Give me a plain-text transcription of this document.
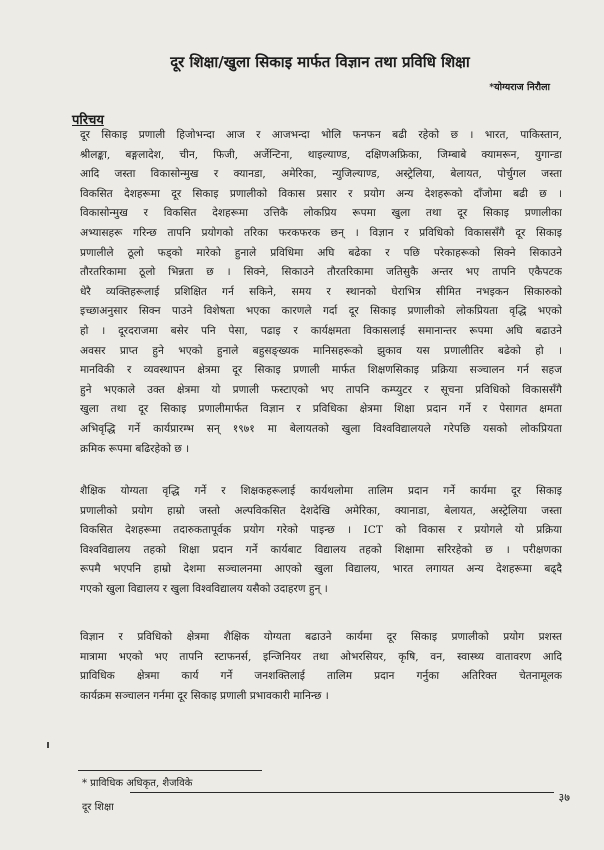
दूर शिक्षा/खुला सिकाइ मार्फत विज्ञान तथा प्रविधि शिक्षा
*योग्यराज निरौला
परिचय
दूर सिकाइ प्रणाली हिजोभन्दा आज र आजभन्दा भोलि फनफन बढी रहेको छ । भारत, पाकिस्तान,
श्रीलङ्का, बङ्गलादेश, चीन, फिजी, अर्जेन्टिना, थाइल्याण्ड, दक्षिणअफ्रिका, जिम्बाबे क्यामरून, युगान्डा
आदि जस्ता विकासोन्मुख र क्यानडा, अमेरिका, न्युजिल्याण्ड, अस्ट्रेलिया, बेलायत, पोर्चुगल जस्ता
विकसित देशहरूमा दूर सिकाइ प्रणालीको विकास प्रसार र प्रयोग अन्य देशहरूको दाँजोमा बढी छ ।
विकासोन्मुख र विकसित देशहरूमा उत्तिकै लोकप्रिय रूपमा खुला तथा दूर सिकाइ प्रणालीका
अभ्यासहरू गरिन्छ तापनि प्रयोगको तरिका फरकफरक छन् । विज्ञान र प्रविधिको विकाससँगै दूर सिकाइ
प्रणालीले ठूलो फड्को मारेको हुनाले प्रविधिमा अघि बढेका र पछि परेकाहरूको सिक्ने सिकाउने
तौरतरिकामा ठूलो भिन्नता छ । सिक्ने, सिकाउने तौरतरिकामा जतिसुकै अन्तर भए तापनि एकैपटक
धेरै व्यक्तिहरूलाई प्रशिक्षित गर्न सकिने, समय र स्थानको घेराभित्र सीमित नभइकन सिकारुको
इच्छाअनुसार सिक्न पाउने विशेषता भएका कारणले गर्दा दूर सिकाइ प्रणालीको लोकप्रियता वृद्धि भएको
हो । दूरदराजमा बसेर पनि पेसा, पढाइ र कार्यक्षमता विकासलाई समानान्तर रूपमा अघि बढाउने
अवसर प्राप्त हुने भएको हुनाले बहुसङ्ख्यक मानिसहरूको झुकाव यस प्रणालीतिर बढेको हो ।
मानविकी र व्यवस्थापन क्षेत्रमा दूर सिकाइ प्रणाली मार्फत शिक्षणसिकाइ प्रक्रिया सञ्चालन गर्न सहज
हुने भएकाले उक्त क्षेत्रमा यो प्रणाली फस्टाएको भए तापनि कम्प्युटर र सूचना प्रविधिको विकाससँगै
खुला तथा दूर सिकाइ प्रणालीमार्फत विज्ञान र प्रविधिका क्षेत्रमा शिक्षा प्रदान गर्ने र पेसागत क्षमता
अभिवृद्धि गर्ने कार्यप्रारम्भ सन् १९७१ मा बेलायतको खुला विश्वविद्यालयले गरेपछि यसको लोकप्रियता
क्रमिक रूपमा बढिरहेको छ ।
शैक्षिक योग्यता वृद्धि गर्ने र शिक्षकहरूलाई कार्यथलोमा तालिम प्रदान गर्ने कार्यमा दूर सिकाइ
प्रणालीको प्रयोग हाम्रो जस्तो अल्पविकसित देशदेखि अमेरिका, क्यानाडा, बेलायत, अस्ट्रेलिया जस्ता
विकसित देशहरूमा तदारुकतापूर्वक प्रयोग गरेको पाइन्छ । ICT को विकास र प्रयोगले यो प्रक्रिया
विश्वविद्यालय तहको शिक्षा प्रदान गर्ने कार्यबाट विद्यालय तहको शिक्षामा सरिरहेको छ । परीक्षणका
रूपमै भएपनि हाम्रो देशमा सञ्चालनमा आएको खुला विद्यालय, भारत लगायत अन्य देशहरूमा बढ्दै
गएको खुला विद्यालय र खुला विश्वविद्यालय यसैको उदाहरण हुन् ।
विज्ञान र प्रविधिको क्षेत्रमा शैक्षिक योग्यता बढाउने कार्यमा दूर सिकाइ प्रणालीको प्रयोग प्रशस्त
मात्रामा भएको भए तापनि स्टाफनर्स, इन्जिनियर तथा ओभरसियर, कृषि, वन, स्वास्थ्य वातावरण आदि
प्राविधिक क्षेत्रमा कार्य गर्ने जनशक्तिलाई तालिम प्रदान गर्नुका अतिरिक्त चेतनामूलक
कार्यक्रम सञ्चालन गर्नमा दूर सिकाइ प्रणाली प्रभावकारी मानिन्छ ।
* प्राविधिक अधिकृत, शैजविके
दूर शिक्षा
३७
